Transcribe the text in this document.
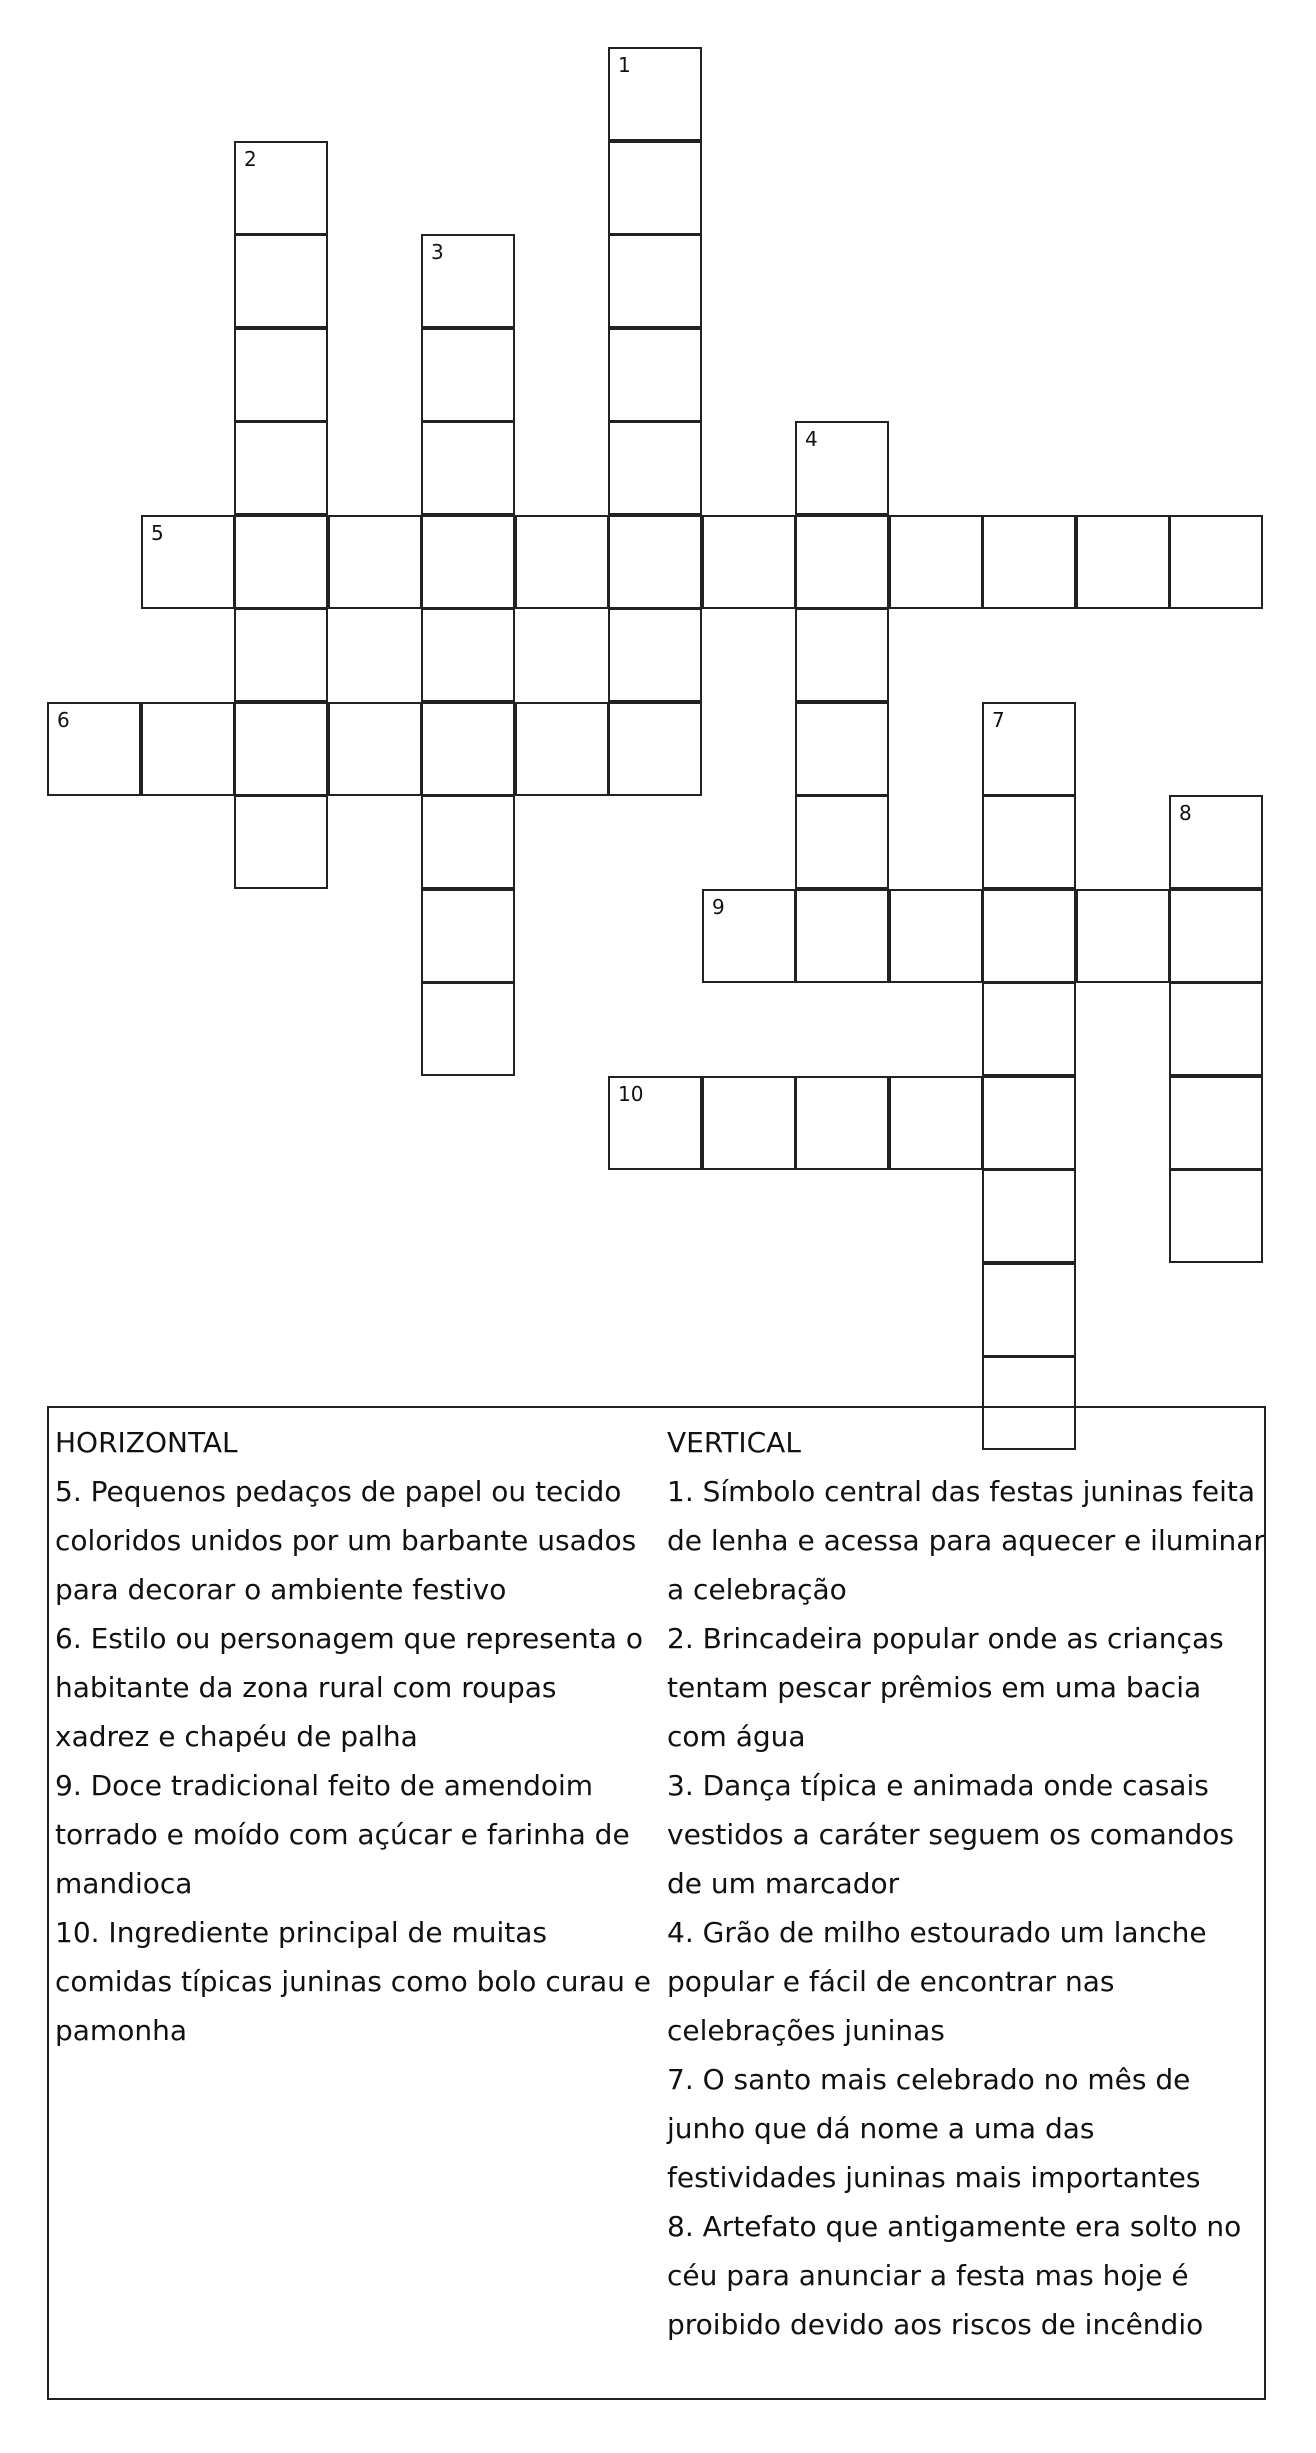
1
2
3
4
5
6	7
8
9
10
HORIZONTAL
5. Pequenos pedaços de papel ou tecido coloridos unidos por um barbante usados para decorar o ambiente festivo
6. Estilo ou personagem que representa o habitante da zona rural com roupas xadrez e chapéu de palha
9. Doce tradicional feito de amendoim torrado e moído com açúcar e farinha de mandioca
10. Ingrediente principal de muitas comidas típicas juninas como bolo curau e pamonha
VERTICAL
1. Símbolo central das festas juninas feita de lenha e acessa para aquecer e iluminar a celebração
2. Brincadeira popular onde as crianças tentam pescar prêmios em uma bacia com água
3. Dança típica e animada onde casais vestidos a caráter seguem os comandos de um marcador
4. Grão de milho estourado um lanche popular e fácil de encontrar nas celebrações juninas
7. O santo mais celebrado no mês de junho que dá nome a uma das festividades juninas mais importantes
8. Artefato que antigamente era solto no céu para anunciar a festa mas hoje é proibido devido aos riscos de incêndio
